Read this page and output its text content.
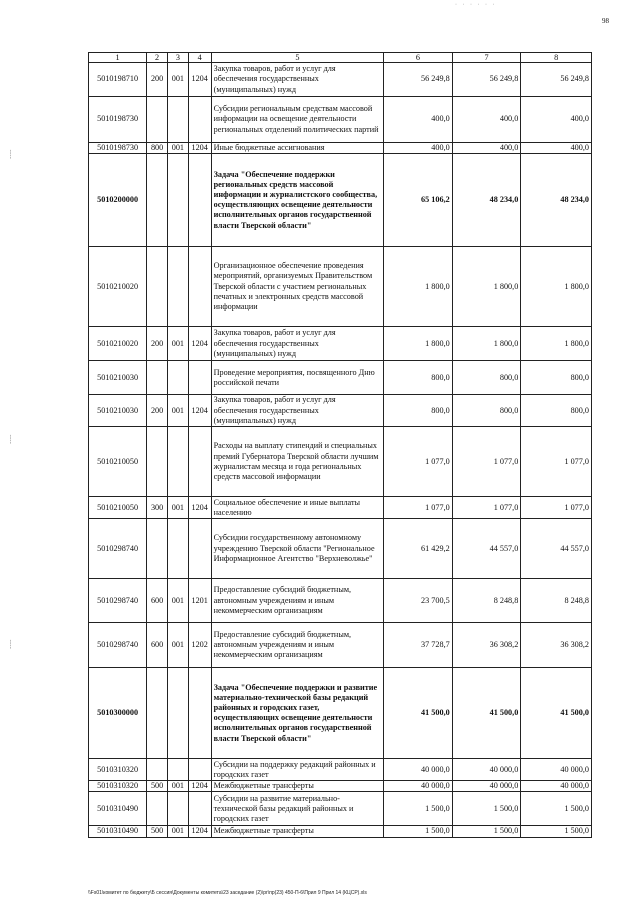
· · · · · ·
98
┊
┊
┊
1	2	3	4	5	6	7	8
5010198710	200	001	1204	Закупка товаров, работ и услуг для обеспечения государственных (муниципальных) нужд	56 249,8	56 249,8	56 249,8
5010198730				Субсидии региональным средствам массовой информации на освещение деятельности региональных отделений политических партий	400,0	400,0	400,0
5010198730	800	001	1204	Иные бюджетные ассигнования	400,0	400,0	400,0
5010200000				Задача "Обеспечение поддержки региональных средств массовой информации и журналистского сообщества, осуществляющих освещение деятельности исполнительных органов государственной власти Тверской области"	65 106,2	48 234,0	48 234,0
5010210020				Организационное обеспечение проведения мероприятий, организуемых Правительством Тверской области с участием региональных печатных и электронных средств массовой информации	1 800,0	1 800,0	1 800,0
5010210020	200	001	1204	Закупка товаров, работ и услуг для обеспечения государственных (муниципальных) нужд	1 800,0	1 800,0	1 800,0
5010210030				Проведение мероприятия, посвященного Дню российской печати	800,0	800,0	800,0
5010210030	200	001	1204	Закупка товаров, работ и услуг для обеспечения государственных (муниципальных) нужд	800,0	800,0	800,0
5010210050				Расходы на выплату стипендий и специальных премий Губернатора Тверской области лучшим журналистам месяца и года региональных средств массовой информации	1 077,0	1 077,0	1 077,0
5010210050	300	001	1204	Социальное обеспечение и иные выплаты населению	1 077,0	1 077,0	1 077,0
5010298740				Субсидии государственному автономному учреждению Тверской области "Региональное Информационное Агентство "Верхневолжье"	61 429,2	44 557,0	44 557,0
5010298740	600	001	1201	Предоставление субсидий бюджетным, автономным учреждениям и иным некоммерческим организациям	23 700,5	8 248,8	8 248,8
5010298740	600	001	1202	Предоставление субсидий бюджетным, автономным учреждениям и иным некоммерческим организациям	37 728,7	36 308,2	36 308,2
5010300000				Задача "Обеспечение поддержки и развитие материально-технической базы редакций районных и городских газет, осуществляющих освещение деятельности исполнительных органов государственной власти Тверской области"	41 500,0	41 500,0	41 500,0
5010310320				Субсидии на поддержку редакций районных и городских газет	40 000,0	40 000,0	40 000,0
5010310320	500	001	1204	Межбюджетные трансферты	40 000,0	40 000,0	40 000,0
5010310490				Субсидии на развитие материально-технической базы редакций районных и городских газет	1 500,0	1 500,0	1 500,0
5010310490	500	001	1204	Межбюджетные трансферты	1 500,0	1 500,0	1 500,0
\\Fs01\комитет по бюджету\Б сессия\Документы комитета\23 заседание (2)\рг\пр(23) 450-П-6\Прил 9 Прил 14 (КЦСР).xls
